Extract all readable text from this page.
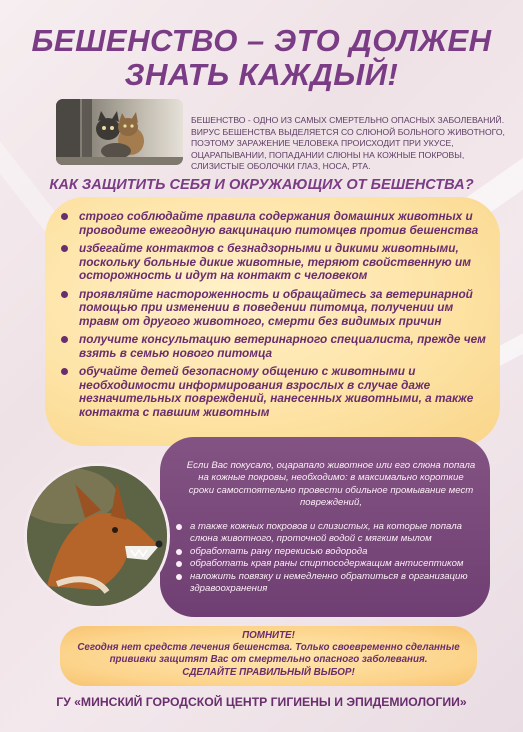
БЕШЕНСТВО – ЭТО ДОЛЖЕН
ЗНАТЬ КАЖДЫЙ!
БЕШЕНСТВО - ОДНО ИЗ САМЫХ СМЕРТЕЛЬНО ОПАСНЫХ ЗАБОЛЕВАНИЙ. ВИРУС БЕШЕНСТВА ВЫДЕЛЯЕТСЯ СО СЛЮНОЙ БОЛЬНОГО ЖИВОТНОГО, ПОЭТОМУ ЗАРАЖЕНИЕ ЧЕЛОВЕКА ПРОИСХОДИТ ПРИ УКУСЕ, ОЦАРАПЫВАНИИ, ПОПАДАНИИ СЛЮНЫ НА КОЖНЫЕ ПОКРОВЫ, СЛИЗИСТЫЕ ОБОЛОЧКИ ГЛАЗ, НОСА, РТА.
КАК ЗАЩИТИТЬ СЕБЯ И ОКРУЖАЮЩИХ ОТ БЕШЕНСТВА?
строго соблюдайте правила содержания домашних животных и проводите ежегодную вакцинацию питомцев против бешенства
избегайте контактов с безнадзорными и дикими животными, поскольку больные дикие животные, теряют свойственную им осторожность и идут на контакт с человеком
проявляйте настороженность и обращайтесь за ветеринарной помощью при изменении в поведении питомца, получении им травм от другого животного, смерти без видимых причин
получите консультацию ветеринарного специалиста, прежде чем взять в семью нового питомца
обучайте детей безопасному общению с животными и необходимости информирования взрослых в случае даже незначительных повреждений, нанесенных животными, а также контакта с павшим животным
Если Вас покусало, оцарапало животное или его слюна попала на кожные покровы, необходимо: в максимально короткие сроки самостоятельно провести обильное промывание мест повреждений,
а также кожных покровов и слизистых, на которые попала слюна животного, проточной водой с мягким мылом
обработать рану перекисью водорода
обработать края раны спиртосодержащим антисептиком
наложить повязку и немедленно обратиться в организацию здравоохранения

ПОМНИТЕ!

Сегодня нет средств лечения бешенства. Только своевременно сделанные

прививки защитят Вас от смертельно опасного заболевания.

СДЕЛАЙТЕ ПРАВИЛЬНЫЙ ВЫБОР!

ГУ «МИНСКИЙ ГОРОДСКОЙ ЦЕНТР ГИГИЕНЫ И ЭПИДЕМИОЛОГИИ»
